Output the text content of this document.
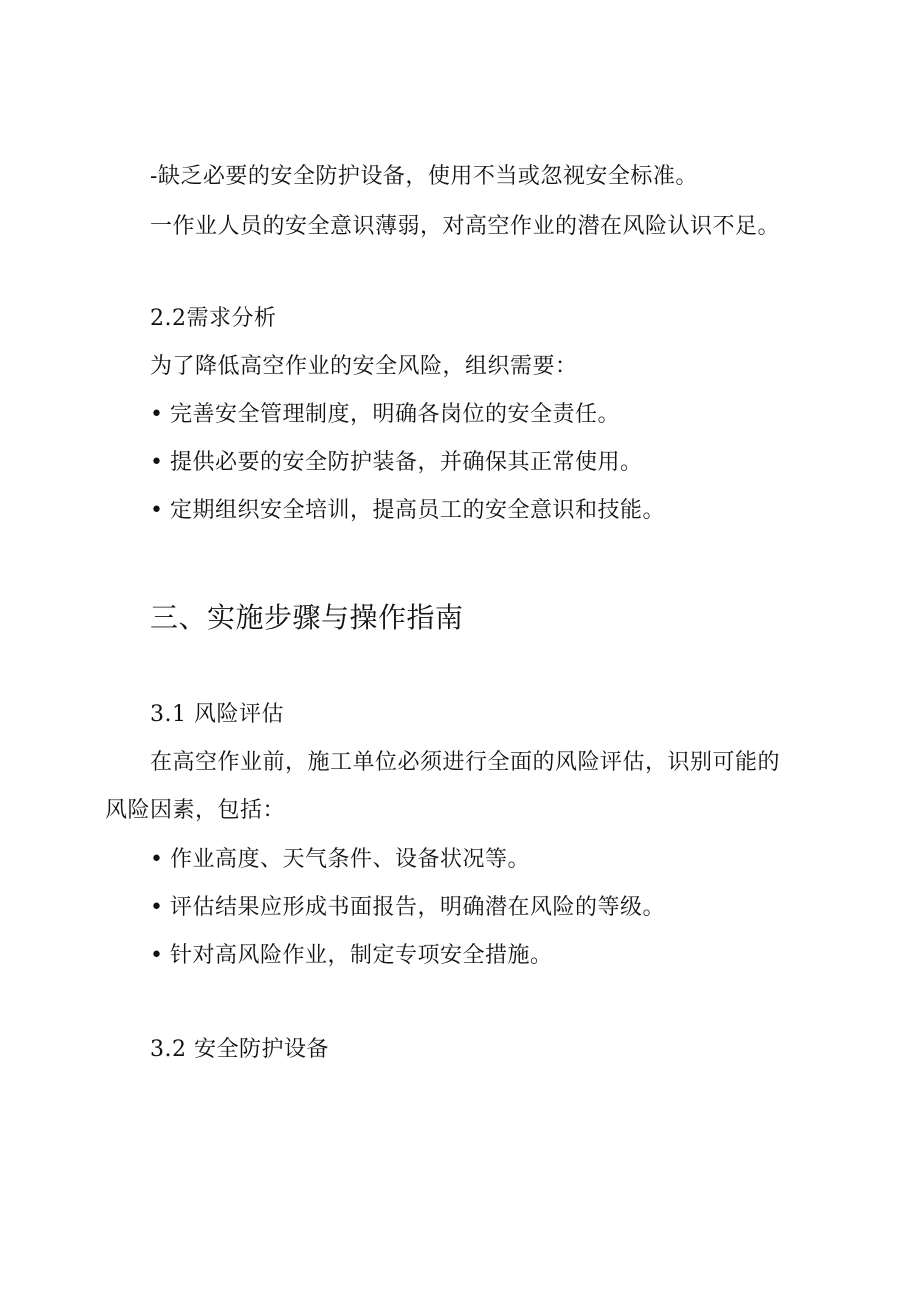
-缺乏必要的安全防护设备，使用不当或忽视安全标准。
一作业人员的安全意识薄弱，对高空作业的潜在风险认识不足。
2.2需求分析
为了降低高空作业的安全风险，组织需要：
• 完善安全管理制度，明确各岗位的安全责任。
• 提供必要的安全防护装备，并确保其正常使用。
• 定期组织安全培训，提高员工的安全意识和技能。
三、实施步骤与操作指南
3.1 风险评估
在高空作业前，施工单位必须进行全面的风险评估，识别可能的
风险因素，包括：
• 作业高度、天气条件、设备状况等。
• 评估结果应形成书面报告，明确潜在风险的等级。
• 针对高风险作业，制定专项安全措施。
3.2 安全防护设备
